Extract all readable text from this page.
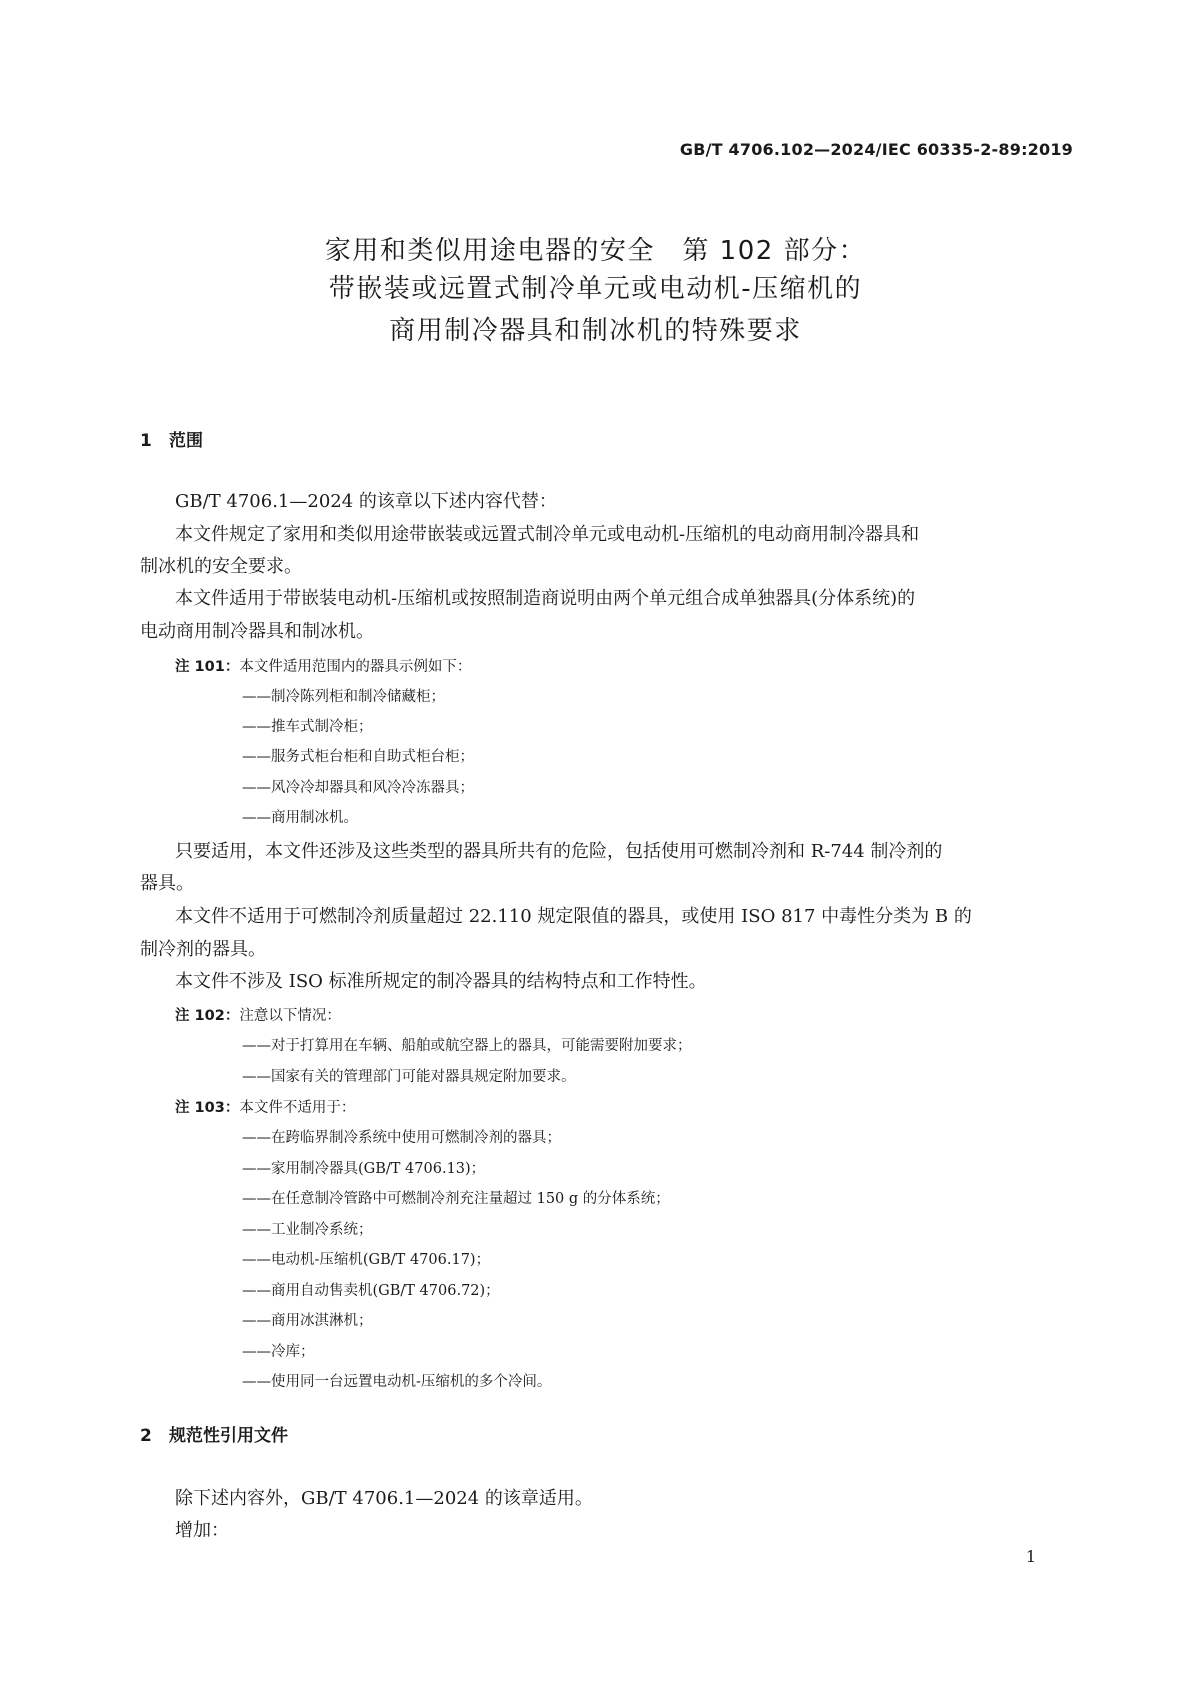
GB/T 4706.102—2024/IEC 60335-2-89:2019
家用和类似用途电器的安全　第 102 部分：
带嵌装或远置式制冷单元或电动机-压缩机的
商用制冷器具和制冰机的特殊要求
1 范围
GB/T 4706.1—2024 的该章以下述内容代替：
本文件规定了家用和类似用途带嵌装或远置式制冷单元或电动机-压缩机的电动商用制冷器具和
制冰机的安全要求。
本文件适用于带嵌装电动机-压缩机或按照制造商说明由两个单元组合成单独器具(分体系统)的
电动商用制冷器具和制冰机。
注 101：本文件适用范围内的器具示例如下：
——制冷陈列柜和制冷储藏柜；
——推车式制冷柜；
——服务式柜台柜和自助式柜台柜；
——风冷冷却器具和风冷冷冻器具；
——商用制冰机。
只要适用，本文件还涉及这些类型的器具所共有的危险，包括使用可燃制冷剂和 R-744 制冷剂的
器具。
本文件不适用于可燃制冷剂质量超过 22.110 规定限值的器具，或使用 ISO 817 中毒性分类为 B 的
制冷剂的器具。
本文件不涉及 ISO 标准所规定的制冷器具的结构特点和工作特性。
注 102：注意以下情况：
——对于打算用在车辆、船舶或航空器上的器具，可能需要附加要求；
——国家有关的管理部门可能对器具规定附加要求。
注 103：本文件不适用于：
——在跨临界制冷系统中使用可燃制冷剂的器具；
——家用制冷器具(GB/T 4706.13)；
——在任意制冷管路中可燃制冷剂充注量超过 150 g 的分体系统；
——工业制冷系统；
——电动机-压缩机(GB/T 4706.17)；
——商用自动售卖机(GB/T 4706.72)；
——商用冰淇淋机；
——冷库；
——使用同一台远置电动机-压缩机的多个冷间。
2 规范性引用文件
除下述内容外，GB/T 4706.1—2024 的该章适用。
增加：
1
